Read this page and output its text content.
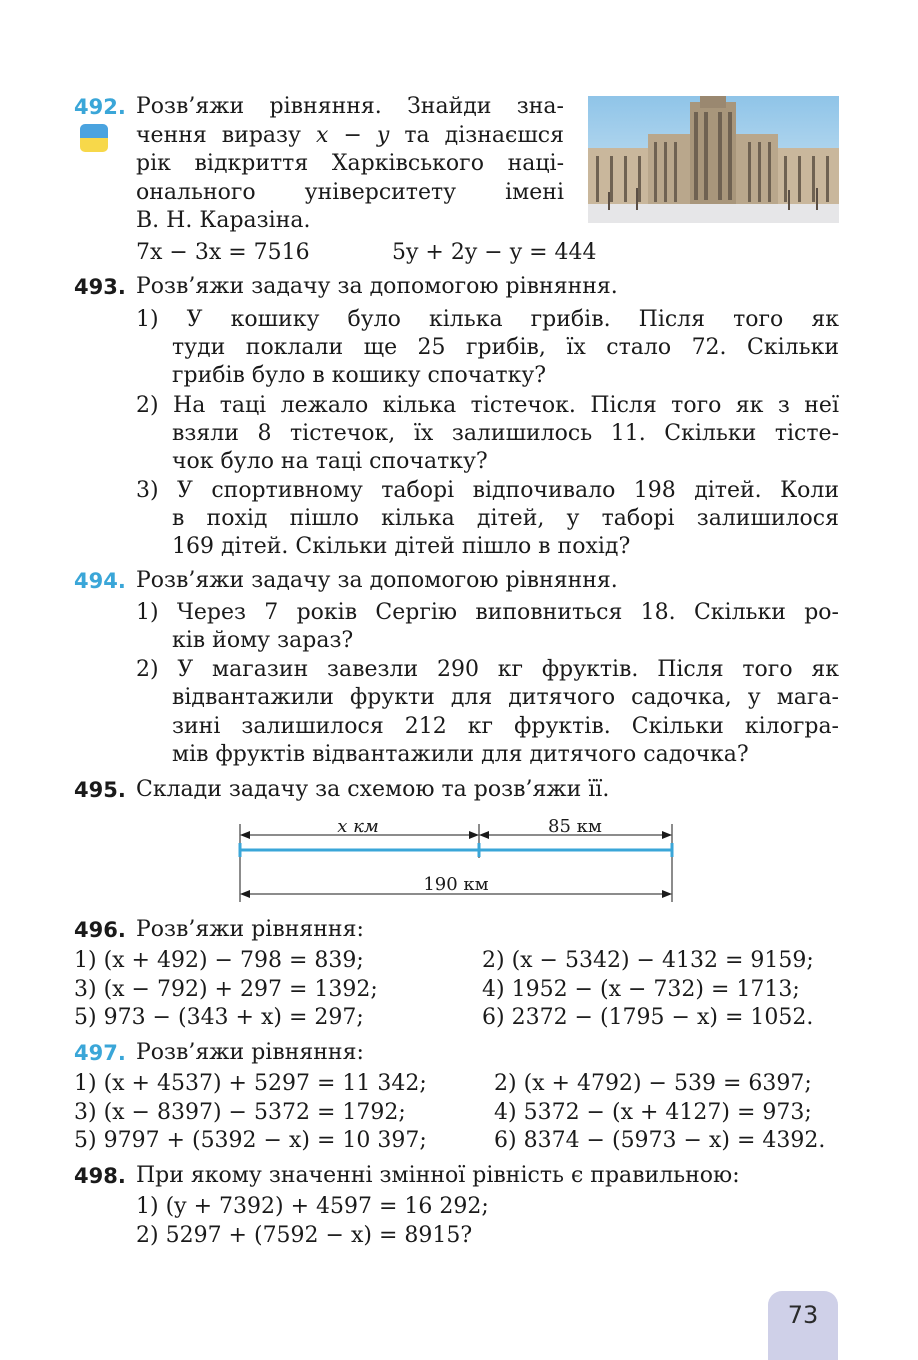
492. Розв’яжи рівняння. Знайди зна-
чення виразу x − y та дізнаєшся
рік відкриття Харківського наці-
онального університету імені
В. Н. Каразіна.
7x − 3x = 7516	5y + 2y − y = 444
493. Розв’яжи задачу за допомогою рівняння.
1) У кошику було кілька грибів. Після того як
туди поклали ще 25 грибів, їх стало 72. Скільки
грибів було в кошику спочатку?
2) На таці лежало кілька тістечок. Після того як з неї
взяли 8 тістечок, їх залишилось 11. Скільки тісте-
чок було на таці спочатку?
3) У спортивному таборі відпочивало 198 дітей. Коли
в похід пішло кілька дітей, у таборі залишилося
169 дітей. Скільки дітей пішло в похід?
494. Розв’яжи задачу за допомогою рівняння.
1) Через 7 років Сергію виповниться 18. Скільки ро-
ків йому зараз?
2) У магазин завезли 290 кг фруктів. Після того як
відвантажили фрукти для дитячого садочка, у мага-
зині залишилося 212 кг фруктів. Скільки кілогра-
мів фруктів відвантажили для дитячого садочка?
495. Склади задачу за схемою та розв’яжи її.
x км	85 км
190 км
496. Розв’яжи рівняння:
1) (x + 492) − 798 = 839;
3) (x − 792) + 297 = 1392;
5) 973 − (343 + x) = 297;
2) (x − 5342) − 4132 = 9159;
4) 1952 − (x − 732) = 1713;
6) 2372 − (1795 − x) = 1052.
497. Розв’яжи рівняння:
1) (x + 4537) + 5297 = 11 342;
3) (x − 8397) − 5372 = 1792;
5) 9797 + (5392 − x) = 10 397;
2) (x + 4792) − 539 = 6397;
4) 5372 − (x + 4127) = 973;
6) 8374 − (5973 − x) = 4392.
498. При якому значенні змінної рівність є правильною:
1) (y + 7392) + 4597 = 16 292;
2) 5297 + (7592 − x) = 8915?
73
